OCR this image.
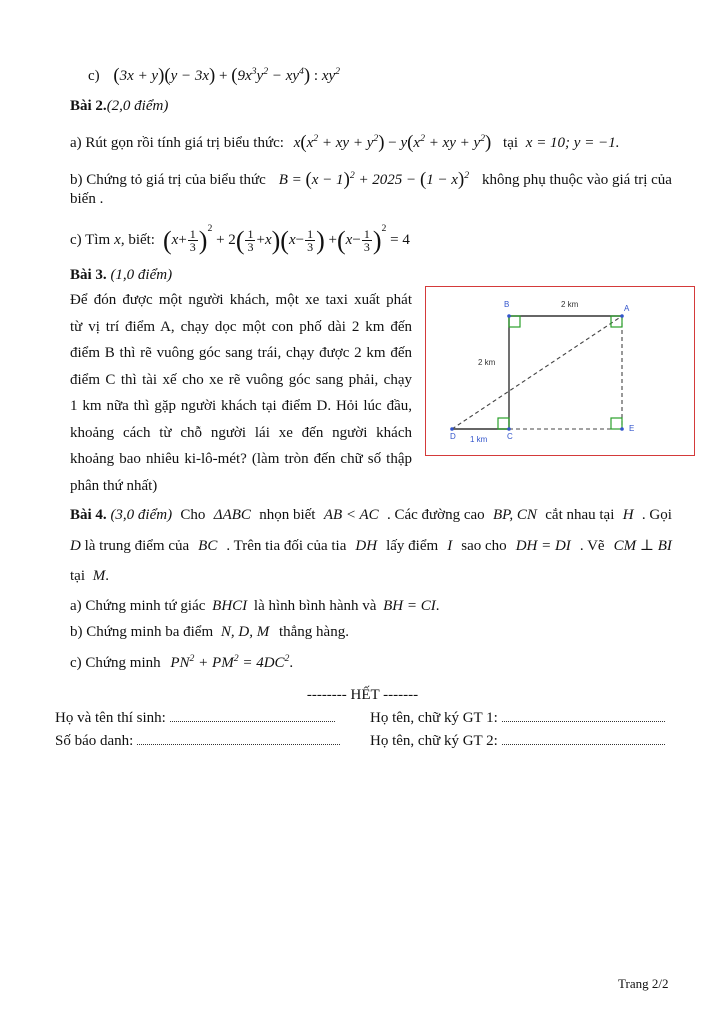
c) $(3x + y)(y - 3x) + (9x^3y^2 - xy^4)$ : $xy^2$
Bài 2.(2,0 điểm)
a) Rút gọn rồi tính giá trị biểu thức: $x(x^2$ + xy + $y^2) - y(x^2$ + xy + $y^2$) tại x = 10; y = −1.
b) Chứng tỏ giá trị của biểu thức $B = (x - 1)^2 + 2025 - (1 - x)^2$ không phụ thuộc vào giá trị của
biến .
c) Tìm x , biết: ( $x + \frac{1}{3} )^2$
+ 2 ( $\frac{1}{3} + x$ ) ( $x - \frac{1}{3}$ ) + ( $x - \frac{1}{3} )^2$
= 4
Bài 3. (1,0 điểm)
Để đón được một người khách, một xe taxi xuất phát
từ vị trí điểm A, chạy dọc một con phố dài 2 km đến
điểm B thì rẽ vuông góc sang trái, chạy được 2 km đến
điểm C thì tài xế cho xe rẽ vuông góc sang phải, chạy
1 km nữa thì gặp người khách tại điểm D. Hỏi lúc đầu,
khoảng cách từ chỗ người lái xe đến người khách
khoảng bao nhiêu ki-lô-mét? (làm tròn đến chữ số thập
phân thứ nhất)
A
B
C
D
E
2 km
2 km
1 km
Bài 4. (3,0 điểm) Cho ΔABC nhọn biết AB < AC . Các đường cao BP, CN cắt nhau tại H . Gọi
D là trung điểm của BC . Trên tia đối của tia DH lấy điểm I sao cho DH = DI . Vẽ CM ⊥ BI
tại M.
a) Chứng minh tứ giác BHCI là hình bình hành và BH = CI.
b) Chứng minh ba điểm N, D, M thẳng hàng.
c) Chứng minh $PN^2 + PM^2 = 4DC^2$.
-------- HẾT -------
Họ và tên thí sinh:	Họ tên, chữ ký GT 1:
Số báo danh:	Họ tên, chữ ký GT 2:
Trang 2/2
